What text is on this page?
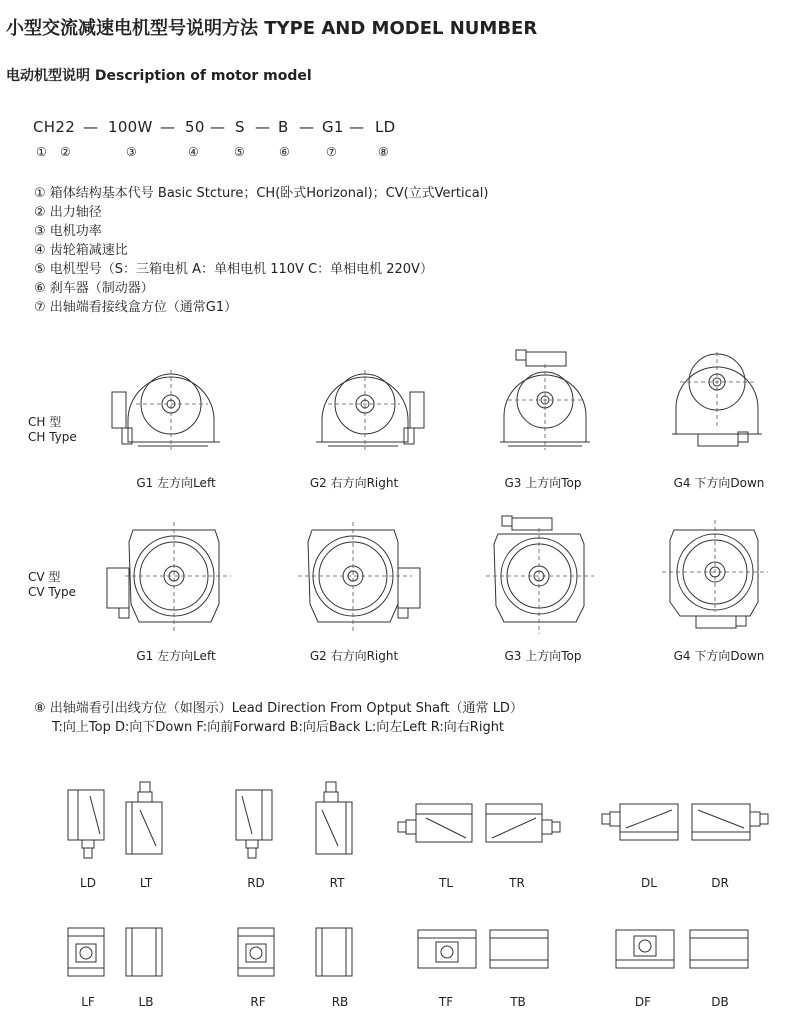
小型交流减速电机型号说明方法 TYPE AND MODEL NUMBER
电动机型说明 Description of motor model
CH22 — 100W — 50 — S — B — G1 — LD
① ②	③	④	⑤	⑥	⑦	⑧
① 箱体结构基本代号 Basic Stcture；CH(卧式Horizonal)；CV(立式Vertical)
② 出力轴径
③ 电机功率
④ 齿轮箱减速比
⑤ 电机型号（S：三箱电机 A：单相电机 110V C：单相电机 220V）
⑥ 刹车器（制动器）
⑦ 出轴端看接线盒方位（通常G1）
CH 型
CH Type
G1 左方向Left	G2 右方向Right	G3 上方向Top	G4 下方向Down
CV 型
CV Type
G1 左方向Left	G2 右方向Right	G3 上方向Top	G4 下方向Down
⑧ 出轴端看引出线方位（如图示）Lead Direction From Optput Shaft（通常 LD）
T:向上Top D:向下Down F:向前Forward B:向后Back L:向左Left R:向右Right
LD	LT	RD	RT	TL	TR	DL	DR
LF	LB	RF	RB	TF	TB	DF	DB
